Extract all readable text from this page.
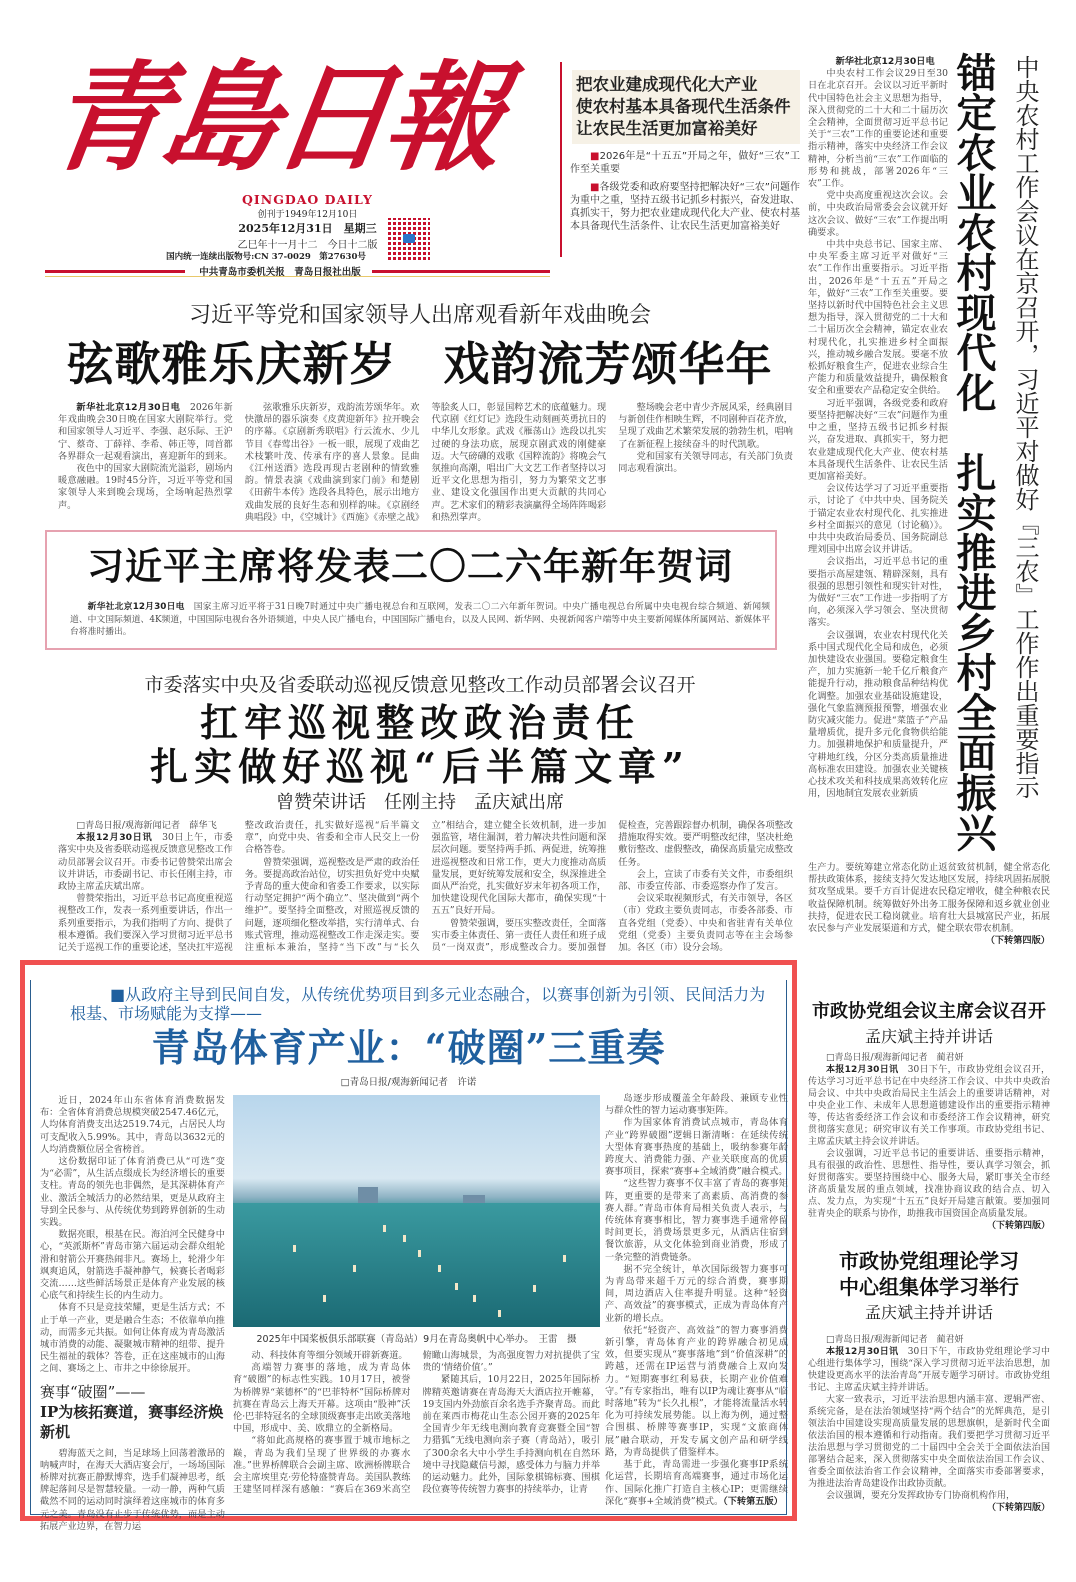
青島日報
QINGDAO DAILY
创刊于1949年12月10日
2025年12月31日　星期三
乙巳年十一月十二　今日十二版
国内统一连续出版物号:CN 37-0029　第27630号
中共青岛市委机关报　青岛日报社出版
把农业建成现代化大产业
使农村基本具备现代生活条件
让农民生活更加富裕美好

■2026年是“十五五”开局之年，做好“三农”工作至关重要

■各级党委和政府要坚持把解决好“三农”问题作为重中之重，坚持五级书记抓乡村振兴，奋发进取、真抓实干，努力把农业建成现代化大产业、使农村基本具备现代生活条件、让农民生活更加富裕美好

新华社北京12月30日电

中央农村工作会议29日至30日在北京召开。会议以习近平新时代中国特色社会主义思想为指导，深入贯彻党的二十大和二十届历次全会精神，全面贯彻习近平总书记关于“三农”工作的重要论述和重要指示精神，落实中央经济工作会议精神，分析当前“三农”工作面临的形势和挑战，部署2026年“三农”工作。

党中央高度重视这次会议。会前，中央政治局常委会会议就开好这次会议、做好“三农”工作提出明确要求。

中共中央总书记、国家主席、中央军委主席习近平对做好“三农”工作作出重要指示。习近平指出，2026年是“十五五”开局之年，做好“三农”工作至关重要。要坚持以新时代中国特色社会主义思想为指导，深入贯彻党的二十大和二十届历次全会精神，锚定农业农村现代化，扎实推进乡村全面振兴，推动城乡融合发展。要毫不放松抓好粮食生产，促进农业综合生产能力和质量效益提升，确保粮食安全和重要农产品稳定安全供给。

习近平强调，各级党委和政府要坚持把解决好“三农”问题作为重中之重，坚持五级书记抓乡村振兴，奋发进取、真抓实干，努力把农业建成现代化大产业、使农村基本具备现代生活条件、让农民生活更加富裕美好。

会议传达学习了习近平重要指示，讨论了《中共中央、国务院关于锚定农业农村现代化、扎实推进乡村全面振兴的意见（讨论稿）》。中共中央政治局委员、国务院副总理刘国中出席会议并讲话。

会议指出，习近平总书记的重要指示高屋建瓴、精辟深刻，具有很强的思想引领性和现实针对性，为做好“三农”工作进一步指明了方向，必须深入学习领会、坚决贯彻落实。

会议强调，农业农村现代化关系中国式现代化全局和成色，必须加快建设农业强国。要稳定粮食生产，加力实施新一轮千亿斤粮食产能提升行动，推动粮食品种结构优化调整。加强农业基础设施建设，强化气象监测预报预警，增强农业防灾减灾能力。促进“菜篮子”产品量增质优，提升多元化食物供给能力。加强耕地保护和质量提升，严守耕地红线，分区分类高质量推进高标准农田建设。加强农业关键核心技术攻关和科技成果高效转化应用，因地制宜发展农业新质 锚定农业农村现代化　扎实推进乡村全面振兴 中央农村工作会议在京召开，习近平对做好『三农』工作作出重要指示

生产力。要统筹建立常态化防止返贫致贫机制，健全常态化帮扶政策体系，接续支持欠发达地区发展，持续巩固拓展脱贫攻坚成果。要千方百计促进农民稳定增收，健全种粮农民收益保障机制。统筹做好外出务工服务保障和返乡就业创业扶持，促进农民工稳岗就业。培育壮大县城富民产业，拓展农民参与产业发展渠道和方式，健全联农带农机制。
（下转第四版）

习近平等党和国家领导人出席观看新年戏曲晚会
弦歌雅乐庆新岁　戏韵流芳颂华年

新华社北京12月30日电　2026年新年戏曲晚会30日晚在国家大剧院举行。党和国家领导人习近平、李强、赵乐际、王沪宁、蔡奇、丁薛祥、李希、韩正等，同首都各界群众一起观看演出，喜迎新年的到来。

夜色中的国家大剧院流光溢彩，剧场内暖意融融。19时45分许，习近平等党和国家领导人来到晚会现场，全场响起热烈掌声。

弦歌雅乐庆新岁，戏韵流芳颂华年。欢快激昂的器乐演奏《皮黄迎新年》拉开晚会的序幕。《京剧新秀联唱》行云流水、少儿节目《春莺出谷》一板一眼，展现了戏曲艺术枝繁叶茂、传承有序的喜人景象。昆曲《江州送酒》选段再现古老剧种的情致雅韵。情景表演《戏曲演到家门前》和楚剧《田薪牛本传》选段各具特色，展示出地方戏曲发展的良好生态和别样韵味。《京剧经典唱段》中，《空城计》《西施》《赤壁之战》等脍炙人口，彰显国粹艺术的底蕴魅力。现代京剧《红灯记》选段生动刻画英勇抗日的中华儿女形象。武戏《雁荡山》选段以扎实过硬的身法功底，展现京剧武戏的刚健豪迈。大气磅礴的戏歌《国粹流韵》将晚会气氛推向高潮，唱出广大文艺工作者坚持以习近平文化思想为指引，努力为繁荣文艺事业、建设文化强国作出更大贡献的共同心声。艺术家们的精彩表演赢得全场阵阵喝彩和热烈掌声。

整场晚会老中青少齐展风采，经典剧目与新创佳作相映生辉，不同剧种百花齐放，呈现了戏曲艺术繁荣发展的勃勃生机，唱响了在新征程上接续奋斗的时代凯歌。

党和国家有关领导同志，有关部门负责同志观看演出。

习近平主席将发表二〇二六年新年贺词

新华社北京12月30日电　国家主席习近平将于31日晚7时通过中央广播电视总台和互联网，发表二〇二六年新年贺词。中央广播电视总台所属中央电视台综合频道、新闻频道、中文国际频道、4K频道，中国国际电视台各外语频道，中央人民广播电台，中国国际广播电台，以及人民网、新华网、央视新闻客户端等中央主要新闻媒体所属网站、新媒体平台将准时播出。

市委落实中央及省委联动巡视反馈意见整改工作动员部署会议召开
扛牢巡视整改政治责任
扎实做好巡视“后半篇文章”
曾赞荣讲话　任刚主持　孟庆斌出席

□青岛日报/观海新闻记者　薛华飞

本报12月30日讯　30日上午，市委落实中央及省委联动巡视反馈意见整改工作动员部署会议召开。市委书记曾赞荣出席会议并讲话，市委副书记、市长任刚主持，市政协主席孟庆斌出席。

曾赞荣指出，习近平总书记高度重视巡视整改工作，发表一系列重要讲话，作出一系列重要指示，为我们指明了方向、提供了根本遵循。我们要深入学习贯彻习近平总书记关于巡视工作的重要论述，坚决扛牢巡视整改政治责任，扎实做好巡视“后半篇文章”，向党中央、省委和全市人民交上一份合格答卷。

曾赞荣强调，巡视整改是严肃的政治任务。要提高政治站位，切实担负好党中央赋予青岛的重大使命和省委工作要求，以实际行动坚定拥护“两个确立”、坚决做到“两个维护”。要坚持全面整改，对照巡视反馈的问题，逐项细化整改举措，实行清单式、台账式管理，推动巡视整改工作走深走实。要注重标本兼治，坚持“当下改”与“长久立”相结合，建立健全长效机制，进一步加强监管，堵住漏洞，着力解决共性问题和深层次问题。要坚持两手抓、两促进，统筹推进巡视整改和日常工作，更大力度推动高质量发展，更好统筹发展和安全，纵深推进全面从严治党，扎实做好岁末年初各项工作，加快建设现代化国际大都市，确保实现“十五五”良好开局。

曾赞荣强调，要压实整改责任，全面落实市委主体责任、第一责任人责任和班子成员“一岗双责”，形成整改合力。要加强督促检查，完善跟踪督办机制，确保各项整改措施取得实效。要严明整改纪律，坚决杜绝敷衍整改、虚假整改，确保高质量完成整改任务。

会上，宣读了市委有关文件，市委组织部、市委宣传部、市委巡察办作了发言。

会议采取视频形式，有关市领导，各区（市）党政主要负责同志，市委各部委、市直各党组（党委）、中央和省驻青有关单位党组（党委）主要负责同志等在主会场参加。各区（市）设分会场。

■从政府主导到民间自发，从传统优势项目到多元业态融合，以赛事创新为引领、民间活力为根基、市场赋能为支撑——
青岛体育产业：“破圈”三重奏
□青岛日报/观海新闻记者　许诺

近日，2024年山东省体育消费数据发布：全省体育消费总规模突破2547.46亿元，人均体育消费支出达2519.74元，占居民人均可支配收入5.99%。其中，青岛以3632元的人均消费额位居全省榜首。

这份数据印证了体育消费已从“可选”变为“必需”，从生活点缀成长为经济增长的重要支柱。青岛的领先也非偶然，是其深耕体育产业、激活全城活力的必然结果，更是从政府主导到全民参与、从传统优势到跨界创新的生动实践。

数据亮眼，根基在民。海泊河全民健身中心，“英派斯杯”青岛市第六届运动会群众组轮滑和射箭公开赛热闹非凡。赛场上，轮滑少年飒爽追风，射箭选手凝神静气，候赛长者喝彩交流……这些鲜活场景正是体育产业发展的核心底气和持续生长的内生动力。

体育不只是竞技荣耀，更是生活方式；不止于单一产业，更是融合生态；不依靠单向推动，而需多元共振。如何让体育成为青岛激活城市消费的动能、凝聚城市精神的纽带、提升民生福祉的载体？答卷，正在这座城市的山海之间、赛场之上、市井之中徐徐展开。

赛事“破圈”——
IP为核拓赛道，赛事经济焕新机

碧海蓝天之间，当足球场上回荡着激昂的呐喊声时，在海天大酒店宴会厅，一场场国际桥牌对抗赛正静默博弈，选手们凝神思考，纸牌起落间尽是智慧较量。一动一静，两种气质截然不同的运动同时演绎着这座城市的体育多元之美。青岛没有止步于传统优势，而是主动拓展产业边界，在智力运

2025年中国桨板俱乐部联赛（青岛站）9月在青岛奥帆中心举办。　王雷　摄

动、科技体育等细分领域开辟新赛道。

高端智力赛事的落地，成为青岛体育“破圈”的标志性实践。10月17日，被誉为桥牌界“莱德杯”的“巴菲特杯”国际桥牌对抗赛在青岛云上海天开幕。这项由“股神”沃伦·巴菲特冠名的全球顶级赛事走出欧美落地中国，形成中、美、欧鼎立的全新格局。

“将如此高规格的赛事置于城市地标之巅，青岛为我们呈现了世界级的办赛水准。”世界桥牌联合会副主席、欧洲桥牌联合会主席埃里克·劳伦特盛赞青岛。美国队教练王建坚同样深有感触：“赛后在369米高空俯瞰山海城景，为高强度智力对抗提供了宝贵的‘情绪价值’。”

紧随其后，10月22日，2025年国际桥牌精英邀请赛在青岛海天大酒店拉开帷幕，19支国内外劲旅百余名选手齐聚青岛。而此前在莱西市梅花山生态公园开赛的2025年全国青少年无线电测向教育竞赛暨全国“智力猎狐”无线电测向亲子赛（青岛站），吸引了300余名大中小学生手持测向机在自然环境中寻找隐藏信号源，感受体力与脑力并举的运动魅力。此外，国际象棋锦标赛、围棋段位赛等传统智力赛事的持续举办，让青

岛逐步形成覆盖全年龄段、兼顾专业性与群众性的智力运动赛事矩阵。

作为国家体育消费试点城市，青岛体育产业“跨界破圈”逻辑日渐清晰：在延续传统大型体育赛事热度的基础上，吸纳参赛年龄跨度大、消费能力强、产业关联度高的优质赛事项目，探索“赛事+全域消费”融合模式。

“这些智力赛事不仅丰富了青岛的赛事矩阵，更重要的是带来了高素质、高消费的参赛人群。”青岛市体育局相关负责人表示，与传统体育赛事相比，智力赛事选手通常停留时间更长，消费场景更多元，从酒店住宿到餐饮旅游，从文化体验到商业消费，形成了一条完整的消费链条。

据不完全统计，单次国际级智力赛事可为青岛带来超千万元的综合消费，赛事期间，周边酒店入住率提升明显。这种“轻资产、高效益”的赛事模式，正成为青岛体育产业新的增长点。

依托“轻资产、高效益”的智力赛事消费新引擎，青岛体育产业的跨界融合初见成效，但要实现从“赛事落地”到“价值深耕”的跨越，还需在IP运营与消费融合上双向发力。“短期赛事红利易获，长期产业价值难守。”有专家指出，唯有以IP为魂让赛事从“临时落地”转为“长久扎根”，才能将流量活水转化为可持续发展势能。以上海为例，通过整合围棋、桥牌等赛事IP，实现“文旅商体展”融合联动，开发专属文创产品和研学线路，为青岛提供了借鉴样本。

基于此，青岛需进一步强化赛事IP系统化运营，长期培育高端赛事，通过市场化运作、国际化推广打造自主核心IP；更需继续深化“赛事+全域消费”模式。（下转第五版）

市政协党组会议主席会议召开
孟庆斌主持并讲话

□青岛日报/观海新闻记者　蔺君妍

本报12月30日讯　30日下午，市政协党组会议召开，传达学习习近平总书记在中央经济工作会议、中共中央政治局会议、中共中央政治局民主生活会上的重要讲话精神，对中央企业工作、未成年人思想道德建设作出的重要指示精神等，传达省委经济工作会议和市委经济工作会议精神，研究贯彻落实意见；研究审议有关工作事项。市政协党组书记、主席孟庆斌主持会议并讲话。

会议强调，习近平总书记的重要讲话、重要指示精神，具有很强的政治性、思想性、指导性，要认真学习领会，抓好贯彻落实。要坚持围绕中心、服务大局，紧盯事关全市经济高质量发展的重点领域，找准协商议政的结合点、切入点、发力点，为实现“十五五”良好开局建言献策。要加强同驻青央企的联系与协作，助推我市国资国企高质量发展。
（下转第四版）

市政协党组理论学习
中心组集体学习举行
孟庆斌主持并讲话

□青岛日报/观海新闻记者　蔺君妍

本报12月30日讯　30日下午，市政协党组理论学习中心组进行集体学习，围绕“深入学习贯彻习近平法治思想，加快建设更高水平的法治青岛”开展专题学习研讨。市政协党组书记、主席孟庆斌主持并讲话。

大家一致表示，习近平法治思想内涵丰富、逻辑严密、系统完备，是在法治领域坚持“两个结合”的光辉典范，是引领法治中国建设实现高质量发展的思想旗帜，是新时代全面依法治国的根本遵循和行动指南。我们要把学习贯彻习近平法治思想与学习贯彻党的二十届四中全会关于全面依法治国部署结合起来，深入贯彻落实中央全面依法治国工作会议、省委全面依法治省工作会议精神，全面落实市委部署要求，为推进法治青岛建设作出政协贡献。

会议强调，要充分发挥政协专门协商机构作用，

（下转第四版）
